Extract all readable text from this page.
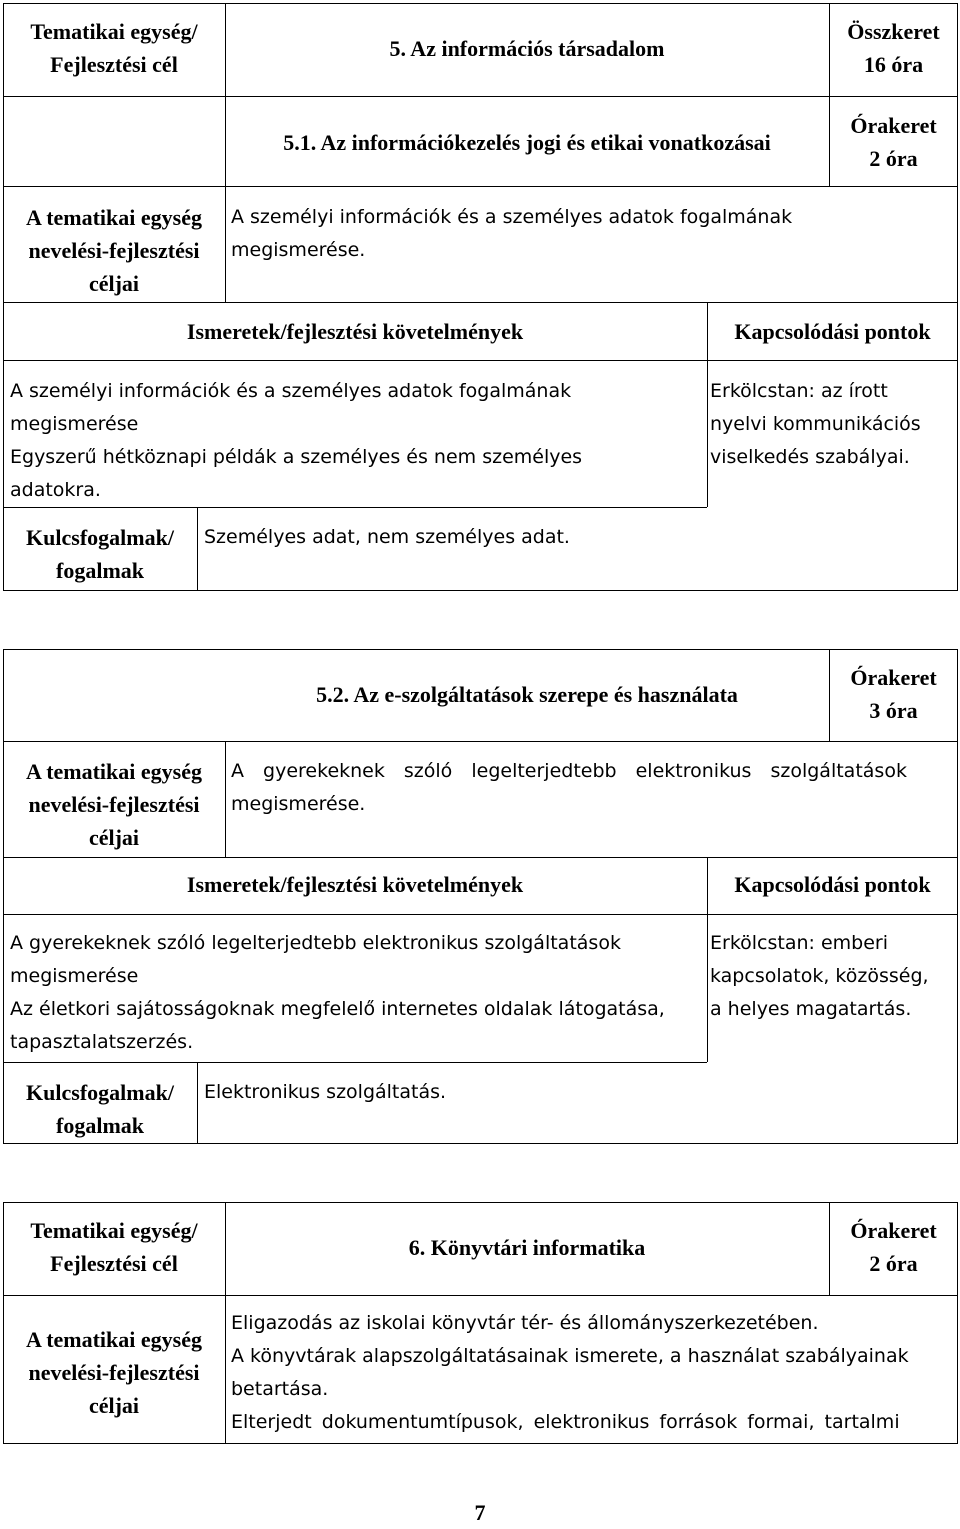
Tematikai egység/
Fejlesztési cél
5. Az információs társadalom
Összkeret
16 óra
5.1. Az információkezelés jogi és etikai vonatkozásai
Órakeret
2 óra
A tematikai egység
nevelési-fejlesztési
céljai
A személyi információk és a személyes adatok fogalmának
megismerése.
Ismeretek/fejlesztési követelmények	Kapcsolódási pontok
A személyi információk és a személyes adatok fogalmának
megismerése
Egyszerű hétköznapi példák a személyes és nem személyes
adatokra.
Erkölcstan: az írott
nyelvi kommunikációs
viselkedés szabályai.
Kulcsfogalmak/
fogalmak
Személyes adat, nem személyes adat.
5.2. Az e-szolgáltatások szerepe és használata
Órakeret
3 óra
A tematikai egység
nevelési-fejlesztési
céljai
A gyerekeknek szóló legelterjedtebb elektronikus szolgáltatások
megismerése.
Ismeretek/fejlesztési követelmények	Kapcsolódási pontok
A gyerekeknek szóló legelterjedtebb elektronikus szolgáltatások
megismerése
Az életkori sajátosságoknak megfelelő internetes oldalak látogatása,
tapasztalatszerzés.
Erkölcstan: emberi
kapcsolatok, közösség,
a helyes magatartás.
Kulcsfogalmak/
fogalmak
Elektronikus szolgáltatás.
Tematikai egység/
Fejlesztési cél
6. Könyvtári informatika
Órakeret
2 óra
A tematikai egység
nevelési-fejlesztési
céljai
Eligazodás az iskolai könyvtár tér- és állományszerkezetében.
A könyvtárak alapszolgáltatásainak ismerete, a használat szabályainak
betartása.
Elterjedt dokumentumtípusok, elektronikus források formai, tartalmi
7
